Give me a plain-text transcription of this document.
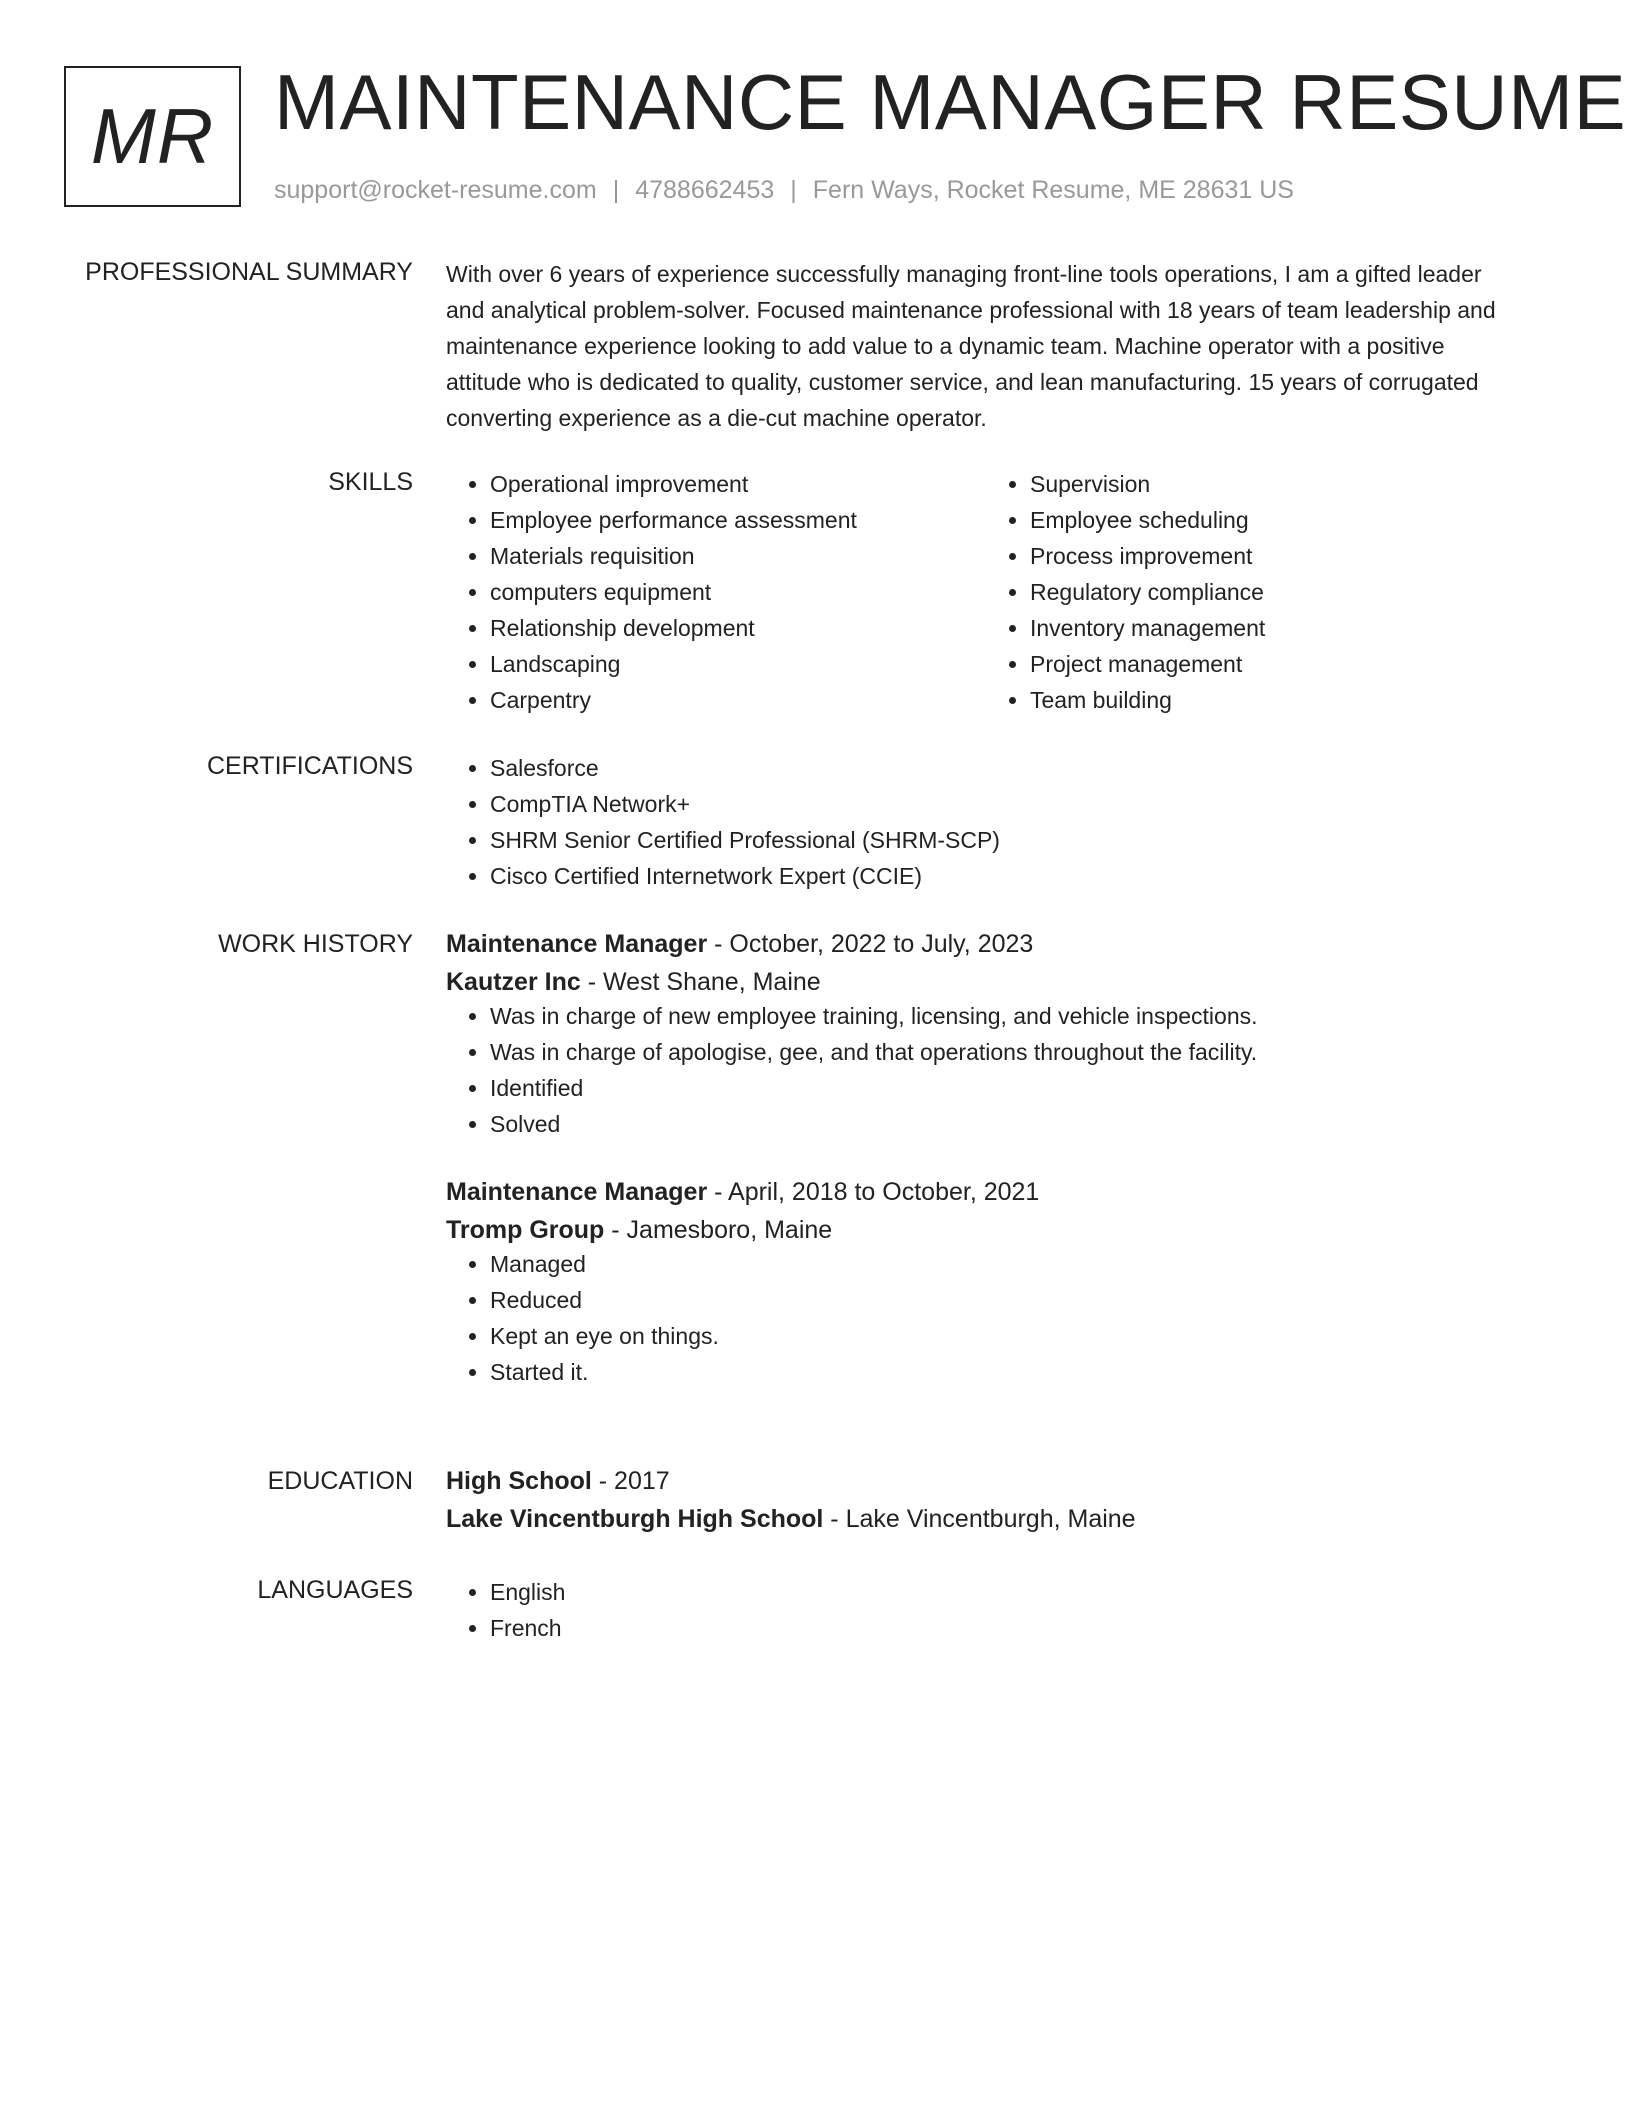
MR MAINTENANCE MANAGER RESUME
support@rocket-resume.com | 4788662453 | Fern Ways, Rocket Resume, ME 28631 US
PROFESSIONAL SUMMARY With over 6 years of experience successfully managing front-line tools operations, I am a gifted leader and analytical problem-solver. Focused maintenance professional with 18 years of team leadership and maintenance experience looking to add value to a dynamic team. Machine operator with a positive attitude who is dedicated to quality, customer service, and lean manufacturing. 15 years of corrugated converting experience as a die-cut machine operator.

SKILLS	• Operational improvement
• Employee performance assessment
• Materials requisition
• computers equipment
• Relationship development
• Landscaping
• Carpentry
• Supervision
• Employee scheduling
• Process improvement
• Regulatory compliance
• Inventory management
• Project management
• Team building
CERTIFICATIONS	• Salesforce
• CompTIA Network+
• SHRM Senior Certified Professional (SHRM-SCP)
• Cisco Certified Internetwork Expert (CCIE)
WORK HISTORY Maintenance Manager - October, 2022 to July, 2023
Kautzer Inc - West Shane, Maine
• Was in charge of new employee training, licensing, and vehicle inspections.
• Was in charge of apologise, gee, and that operations throughout the facility.
• Identified
• Solved
Maintenance Manager - April, 2018 to October, 2021
Tromp Group - Jamesboro, Maine
• Managed
• Reduced
• Kept an eye on things.
• Started it.
EDUCATION High School - 2017
Lake Vincentburgh High School - Lake Vincentburgh, Maine
LANGUAGES	• English
• French
